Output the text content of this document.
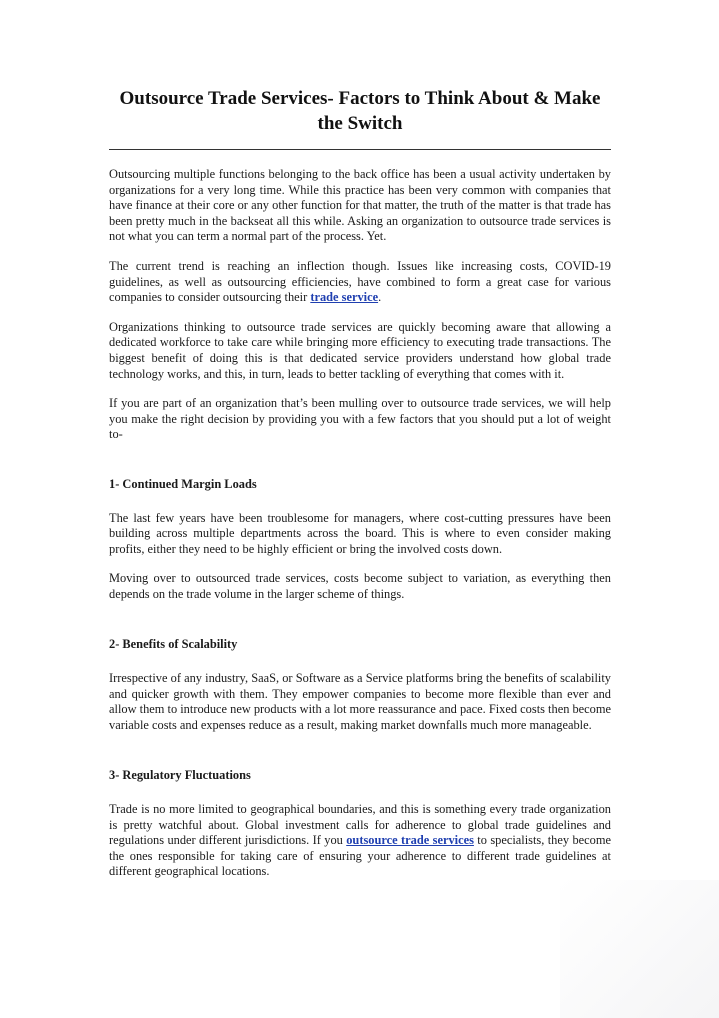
Outsource Trade Services- Factors to Think About & Make the Switch

Outsourcing multiple functions belonging to the back office has been a usual activity undertaken by organizations for a very long time. While this practice has been very common with companies that have finance at their core or any other function for that matter, the truth of the matter is that trade has been pretty much in the backseat all this while. Asking an organization to outsource trade services is not what you can term a normal part of the process. Yet.

The current trend is reaching an inflection though. Issues like increasing costs, COVID-19 guidelines, as well as outsourcing efficiencies, have combined to form a great case for various companies to consider outsourcing their trade service.

Organizations thinking to outsource trade services are quickly becoming aware that allowing a dedicated workforce to take care while bringing more efficiency to executing trade transactions. The biggest benefit of doing this is that dedicated service providers understand how global trade technology works, and this, in turn, leads to better tackling of everything that comes with it.

If you are part of an organization that’s been mulling over to outsource trade services, we will help you make the right decision by providing you with a few factors that you should put a lot of weight to-

1- Continued Margin Loads

The last few years have been troublesome for managers, where cost-cutting pressures have been building across multiple departments across the board. This is where to even consider making profits, either they need to be highly efficient or bring the involved costs down.

Moving over to outsourced trade services, costs become subject to variation, as everything then depends on the trade volume in the larger scheme of things.

2- Benefits of Scalability

Irrespective of any industry, SaaS, or Software as a Service platforms bring the benefits of scalability and quicker growth with them. They empower companies to become more flexible than ever and allow them to introduce new products with a lot more reassurance and pace. Fixed costs then become variable costs and expenses reduce as a result, making market downfalls much more manageable.

3- Regulatory Fluctuations

Trade is no more limited to geographical boundaries, and this is something every trade organization is pretty watchful about. Global investment calls for adherence to global trade guidelines and regulations under different jurisdictions. If you outsource trade services to specialists, they become the ones responsible for taking care of ensuring your adherence to different trade guidelines at different geographical locations.
